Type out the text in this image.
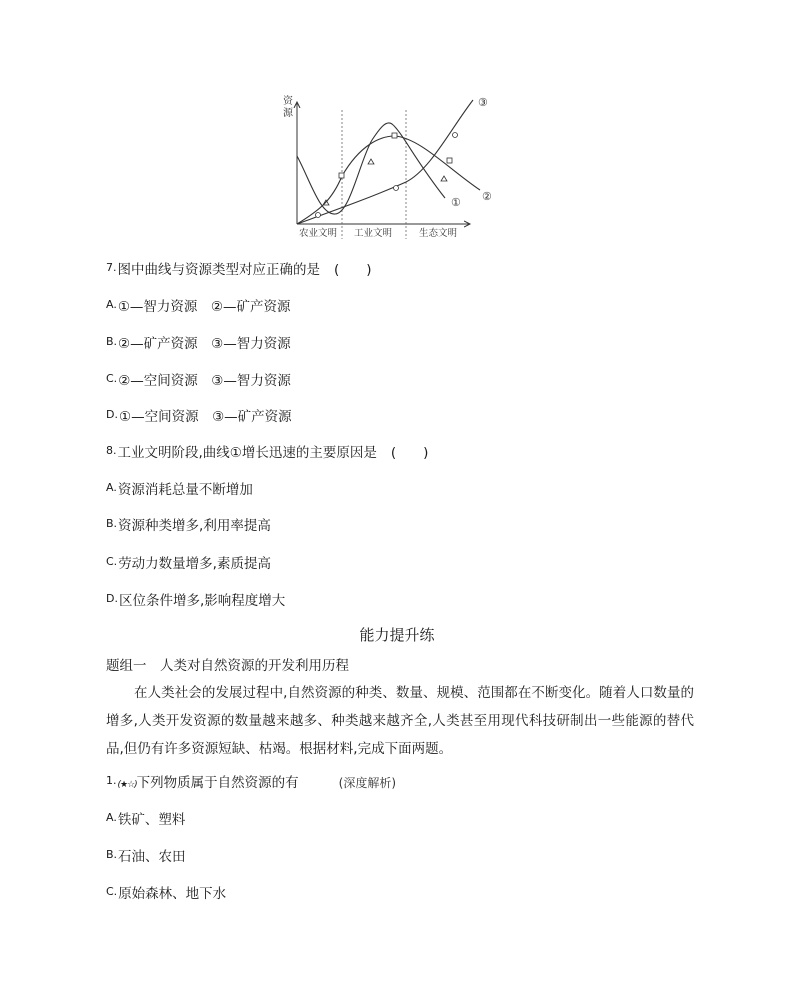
资
源
农业文明 工业文明	生态文明
① ②
③
$^{7.}$图中曲线与资源类型对应正确的是 (　　)
$^{A.}$①—智力资源　②—矿产资源
$^{B.}$②—矿产资源　③—智力资源
$^{C.}$②—空间资源　③—智力资源
$^{D.}$①—空间资源　③—矿产资源
$^{8.}$工业文明阶段,曲线①增长迅速的主要原因是 (　　)
$^{A.}$资源消耗总量不断增加
$^{B.}$资源种类增多,利用率提高
$^{C.}$劳动力数量增多,素质提高
$^{D.}$区位条件增多,影响程度增大
能力提升练
题组一　人类对自然资源的开发利用历程
在人类社会的发展过程中,自然资源的种类、数量、规模、范围都在不断变化。随着人口数量的增多,人类开发资源的数量越来越多、种类越来越齐全,人类甚至用现代科技研制出一些能源的替代品,但仍有许多资源短缺、枯竭。根据材料,完成下面两题。
$^{1.}$(★☆)下列物质属于自然资源的有	(深度解析)
$^{A.}$铁矿、塑料
$^{B.}$石油、农田
$^{C.}$原始森林、地下水
